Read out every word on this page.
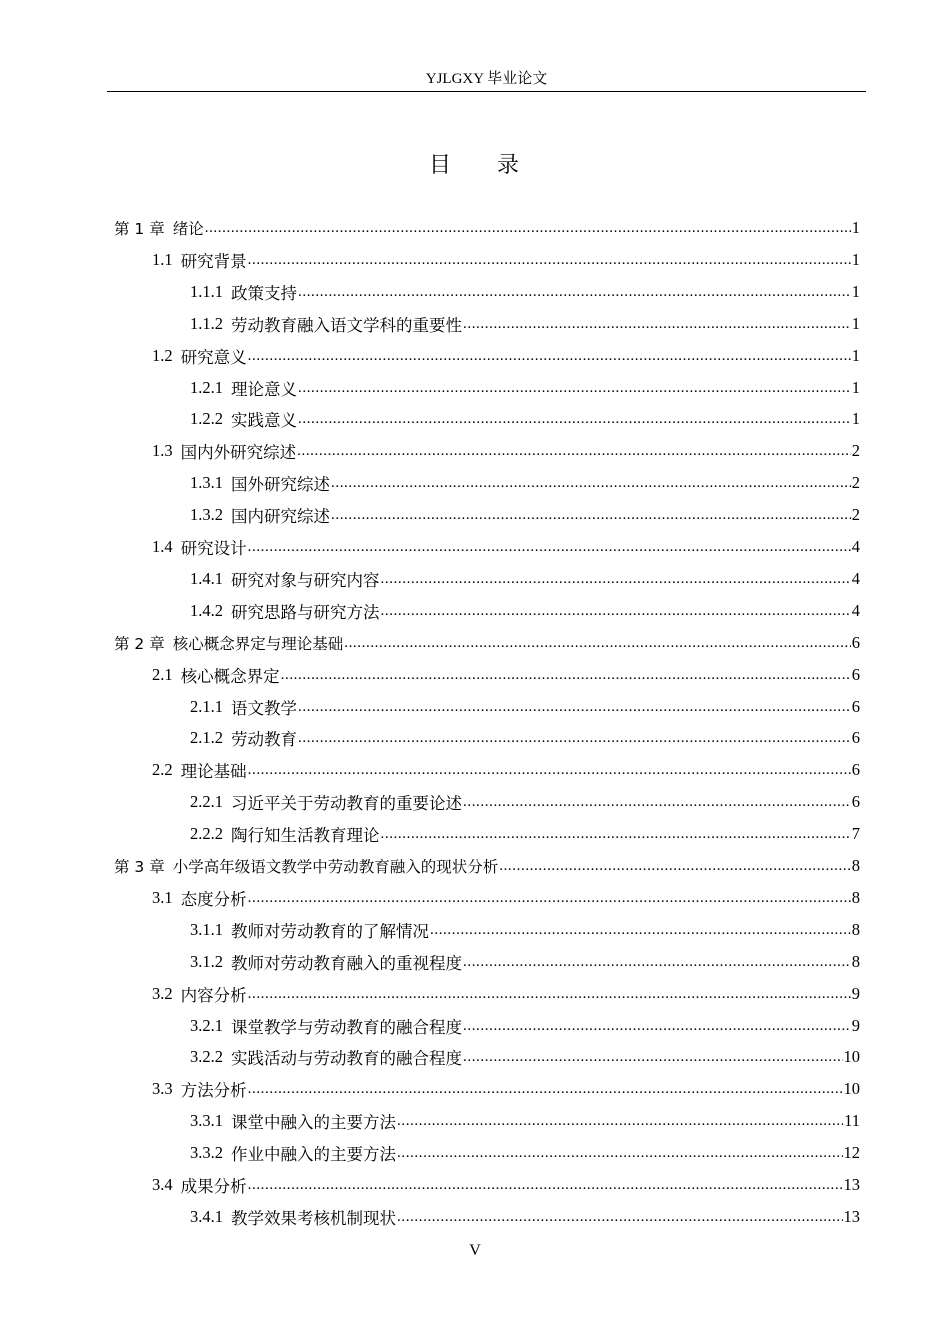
YJLGXY 毕业论文
目 录
第 1 章 绪论 .....	1
1.1 研究背景 .....	1
1.1.1 政策支持 .....	1
1.1.2 劳动教育融入语文学科的重要性 .....	1
1.2 研究意义 .....	1
1.2.1 理论意义 .....	1
1.2.2 实践意义 .....	1
1.3 国内外研究综述 .....	2
1.3.1 国外研究综述 .....	2
1.3.2 国内研究综述 .....	2
1.4 研究设计 .....	4
1.4.1 研究对象与研究内容 .....	4
1.4.2 研究思路与研究方法 .....	4
第 2 章 核心概念界定与理论基础 .....	6
2.1 核心概念界定 .....	6
2.1.1 语文教学 .....	6
2.1.2 劳动教育 .....	6
2.2 理论基础 .....	6
2.2.1 习近平关于劳动教育的重要论述 .....	6
2.2.2 陶行知生活教育理论 .....	7
第 3 章 小学高年级语文教学中劳动教育融入的现状分析 .....	8
3.1 态度分析 .....	8
3.1.1 教师对劳动教育的了解情况 .....	8
3.1.2 教师对劳动教育融入的重视程度 .....	8
3.2 内容分析 .....	9
3.2.1 课堂教学与劳动教育的融合程度 .....	9
3.2.2 实践活动与劳动教育的融合程度 .....	10
3.3 方法分析 .....	10
3.3.1 课堂中融入的主要方法 .....	11
3.3.2 作业中融入的主要方法 .....	12
3.4 成果分析 .....	13
3.4.1 教学效果考核机制现状 .....	13
V
